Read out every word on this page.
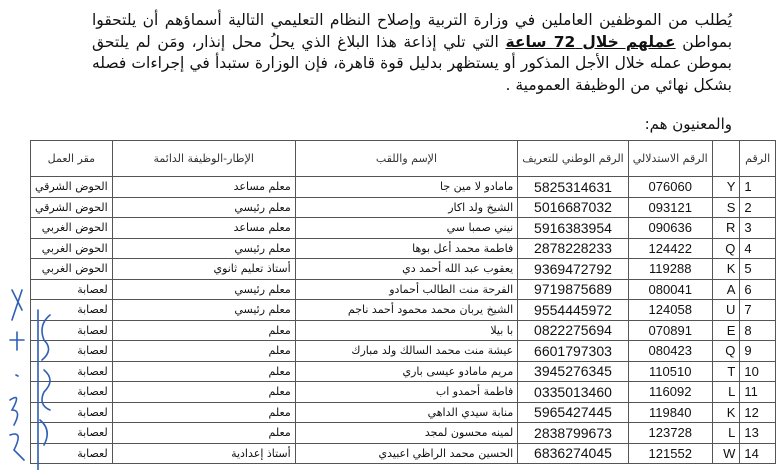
يُطلب من الموظفين العاملين في وزارة التربية وإصلاح النظام التعليمي التالية أسماؤهم أن يلتحقوا بمواطن عملهم خلال 72 ساعة التي تلي إذاعة هذا البلاغ الذي يحلُ محل إنذار، ومَن لم يلتحق بموطن عمله خلال الأجل المذكور أو يستظهر بدليل قوة قاهرة، فإن الوزارة ستبدأ في إجراءات فصله بشكل نهائي من الوظيفة العمومية .
والمعنيون هم:
الرقم		الرقم الاستدلالي	الرقم الوطني للتعريف	الإسم واللقب	الإطار-الوظيفة الدائمة	مقر العمل
1	Y	076060	5825314631	مامادو لا مين جا	معلم مساعد	الحوض الشرقي
2	S	093121	5016687032	الشيخ ولد اكار	معلم رئيسي	الحوض الشرقي
3	R	090636	5916383954	نيني صمبا سي	معلم مساعد	الحوض الغربي
4	Q	124422	2878228233	فاطمة محمد أعل بوها	معلم رئيسي	الحوض الغربي
5	K	119288	9369472792	يعقوب عبد الله أحمد دي	أستاذ تعليم ثانوي	الحوض الغربي
6	A	080041	9719875689	الفرحة منت الطالب أحمادو	معلم رئيسي	لعصابة
7	U	124058	9554445972	الشيخ يربان محمد محمود أحمد ناجم	معلم رئيسي	لعصابة
8	E	070891	0822275694	با بيلا	معلم	لعصابة
9	Q	080423	6601797303	عيشة منت محمد السالك ولد مبارك	معلم	لعصابة
10	T	110510	3945276345	مريم مامادو عيسى باري	معلم	لعصابة
11	L	116092	0335013460	فاطمة أحمدو اب	معلم	لعصابة
12	K	119840	5965427445	منابة سيدي الداهي	معلم	لعصابة
13	L	123728	2838799673	لمينه محسون لمجد	معلم	لعصابة
14	W	121552	6836274045	الحسين محمد الراظي اعبيدي	أستاذ إعدادية	لعصابة
